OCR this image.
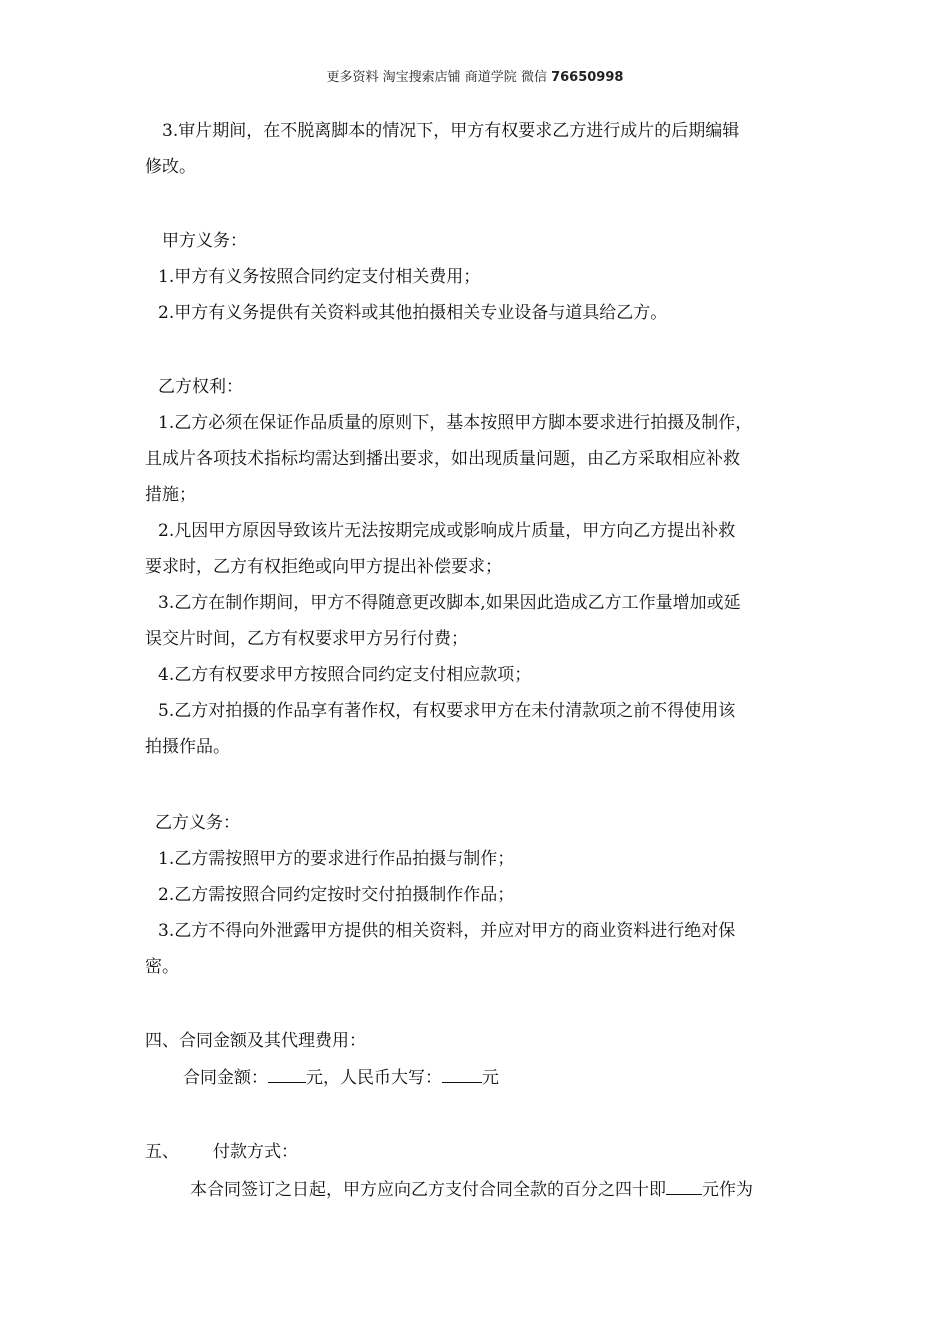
更多资料 淘宝搜索店铺 商道学院 微信 76650998
3.审片期间，在不脱离脚本的情况下，甲方有权要求乙方进行成片的后期编辑
修改。
甲方义务：
1.甲方有义务按照合同约定支付相关费用；
2.甲方有义务提供有关资料或其他拍摄相关专业设备与道具给乙方。
乙方权利：
1.乙方必须在保证作品质量的原则下，基本按照甲方脚本要求进行拍摄及制作，
且成片各项技术指标均需达到播出要求，如出现质量问题，由乙方采取相应补救
措施；
2.凡因甲方原因导致该片无法按期完成或影响成片质量，甲方向乙方提出补救
要求时，乙方有权拒绝或向甲方提出补偿要求；
3.乙方在制作期间，甲方不得随意更改脚本,如果因此造成乙方工作量增加或延
误交片时间，乙方有权要求甲方另行付费；
4.乙方有权要求甲方按照合同约定支付相应款项；
5.乙方对拍摄的作品享有著作权，有权要求甲方在未付清款项之前不得使用该
拍摄作品。
乙方义务：
1.乙方需按照甲方的要求进行作品拍摄与制作；
2.乙方需按照合同约定按时交付拍摄制作作品；
3.乙方不得向外泄露甲方提供的相关资料，并应对甲方的商业资料进行绝对保
密。
四、合同金额及其代理费用：
合同金额： 元，人民币大写： 元
五、 付款方式：
本合同签订之日起，甲方应向乙方支付合同全款的百分之四十即 元作为
